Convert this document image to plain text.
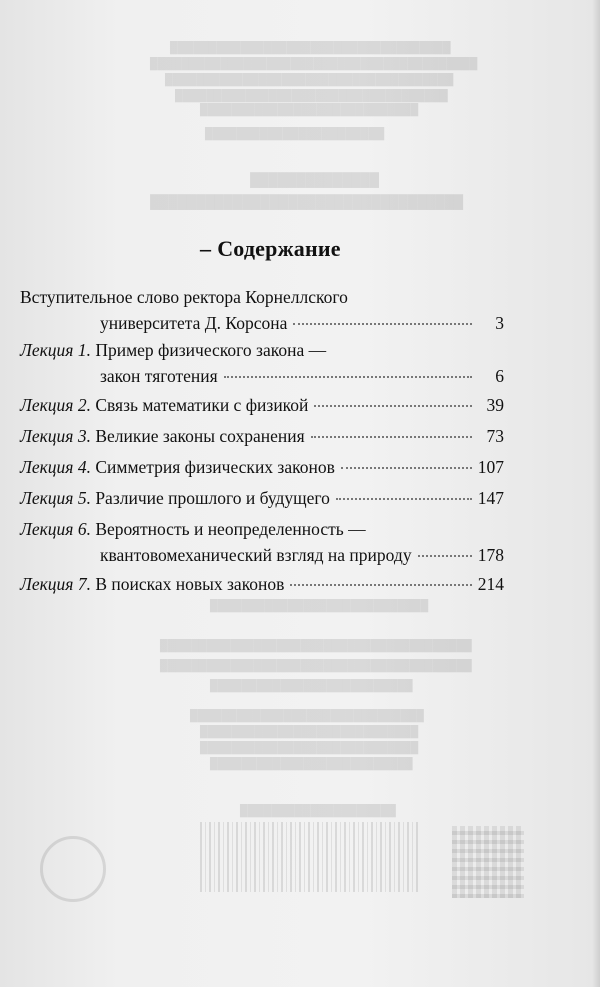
████████████████████████████████████
██████████████████████████████████████████
█████████████████████████████████████
███████████████████████████████████
████████████████████████████
███████████████████████
██████████████
██████████████████████████████████
████████████████████████████
████████████████████████████████████████
████████████████████████████████████████
██████████████████████████
██████████████████████████████
████████████████████████████
████████████████████████████
██████████████████████████
████████████████████
– Содержание
Вступительное слово ректора Корнеллского
университета Д. Корсона	3
Лекция 1.
Пример физического закона —
закон тяготения	6
Лекция 2.
Связь математики с физикой	39
Лекция 3.
Великие законы сохранения	73
Лекция 4.
Симметрия физических законов	107
Лекция 5.
Различие прошлого и будущего	147
Лекция 6.
Вероятность и неопределенность —
квантовомеханический взгляд на природу	178
Лекция 7.
В поисках новых законов	214
